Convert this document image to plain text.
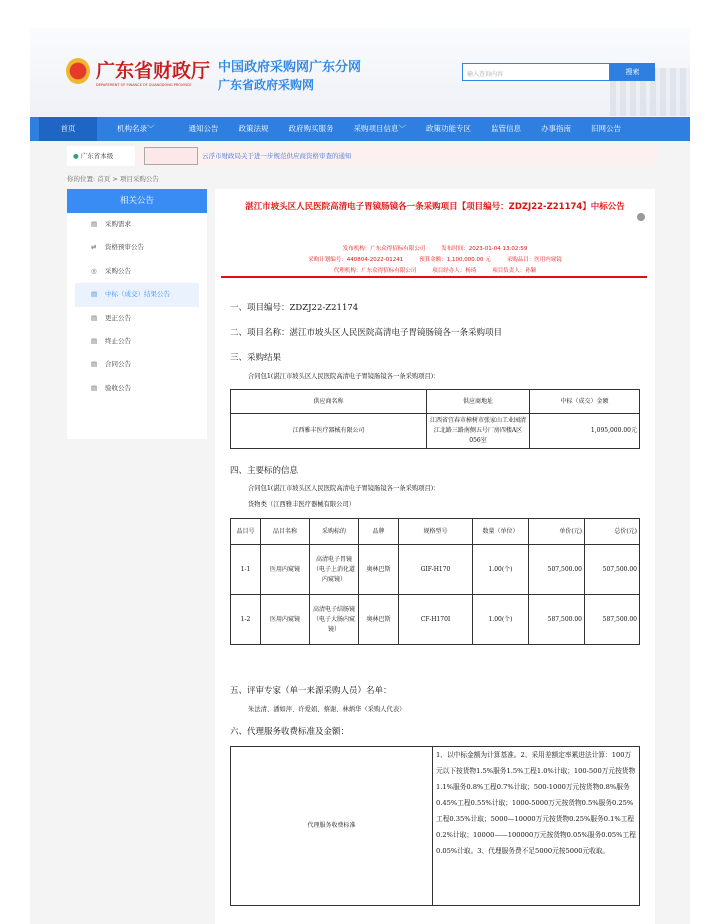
广东省财政厅
DEPARTMENT OF FINANCE OF GUANGDONG PROVINCE
中国政府采购网广东分网
广东省政府采购网
输入查询内容	搜索
首页	机构名录﹀	通知公告	政策法规	政府购买服务	采购项目信息﹀	政策功能专区	监管信息	办事指南	旧网公告
● 广东省本级	云浮市财政局关于进一步规范供应商资格审查的通知
你的位置: 首页 > 项目采购公告
相关公告
▤ 采购需求
⇄ 资格预审公告
◎ 采购公告
▤ 中标（成交）结果公告
▤ 更正公告
▤ 终止公告
▤ 合同公告
▤ 验收公告
湛江市坡头区人民医院高清电子胃镜肠镜各一条采购项目【项目编号：ZDZJ22-Z21174】中标公告
发布机构：广东众得招标有限公司	发布时间：2023-01-04 13:02:59
采购计划编号：440804-2022-01241	预算金额：1,100,000.00 元	采购品目：医用内窥镜
代理机构：广东众得招标有限公司	项目经办人：杨琦	项目负责人：孙颖
一、项目编号：ZDZJ22-Z21174
二、项目名称：湛江市坡头区人民医院高清电子胃镜肠镜各一条采购项目
三、采购结果
合同包1(湛江市坡头区人民医院高清电子胃镜肠镜各一条采购项目)：
供应商名称	供应商地址	中标（成交）金额
江西雅丰医疗器械有限公司	江西省宜春市樟树市张家山工业园清江北路三路南侧五号厂房四楼A区056室	1,095,000.00元
四、主要标的信息
合同包1(湛江市坡头区人民医院高清电子胃镜肠镜各一条采购项目)：
货物类（江西雅丰医疗器械有限公司）
品目号	品目名称	采购标的	品牌	规格型号	数量（单位）	单价(元)	总价(元)
1-1	医用内窥镜	高清电子胃镜（电子上消化道内窥镜）	奥林巴斯	GIF-H170	1.00(个)	507,500.00	507,500.00
1-2	医用内窥镜	高清电子结肠镜（电子大肠内窥镜）	奥林巴斯	CF-H170I	1.00(个)	587,500.00	587,500.00
五、评审专家（单一来源采购人员）名单：
朱法清、潘如萍、许爱娟、蔡谢、林炳华（采购人代表）
六、代理服务收费标准及金额：
代理服务收费标准	1、以中标金额为计算基准。2、采用差额定率累进法计算：100万元以下按货物1.5%服务1.5%工程1.0%计取；100-500万元按货物1.1%服务0.8%工程0.7%计取；500-1000万元按货物0.8%服务0.45%工程0.55%计取；1000-5000万元按货物0.5%服务0.25%工程0.35%计取；5000—10000万元按货物0.25%服务0.1%工程0.2%计取；10000——100000万元按货物0.05%服务0.05%工程0.05%计取。3、代理服务费不足5000元按5000元收取。
